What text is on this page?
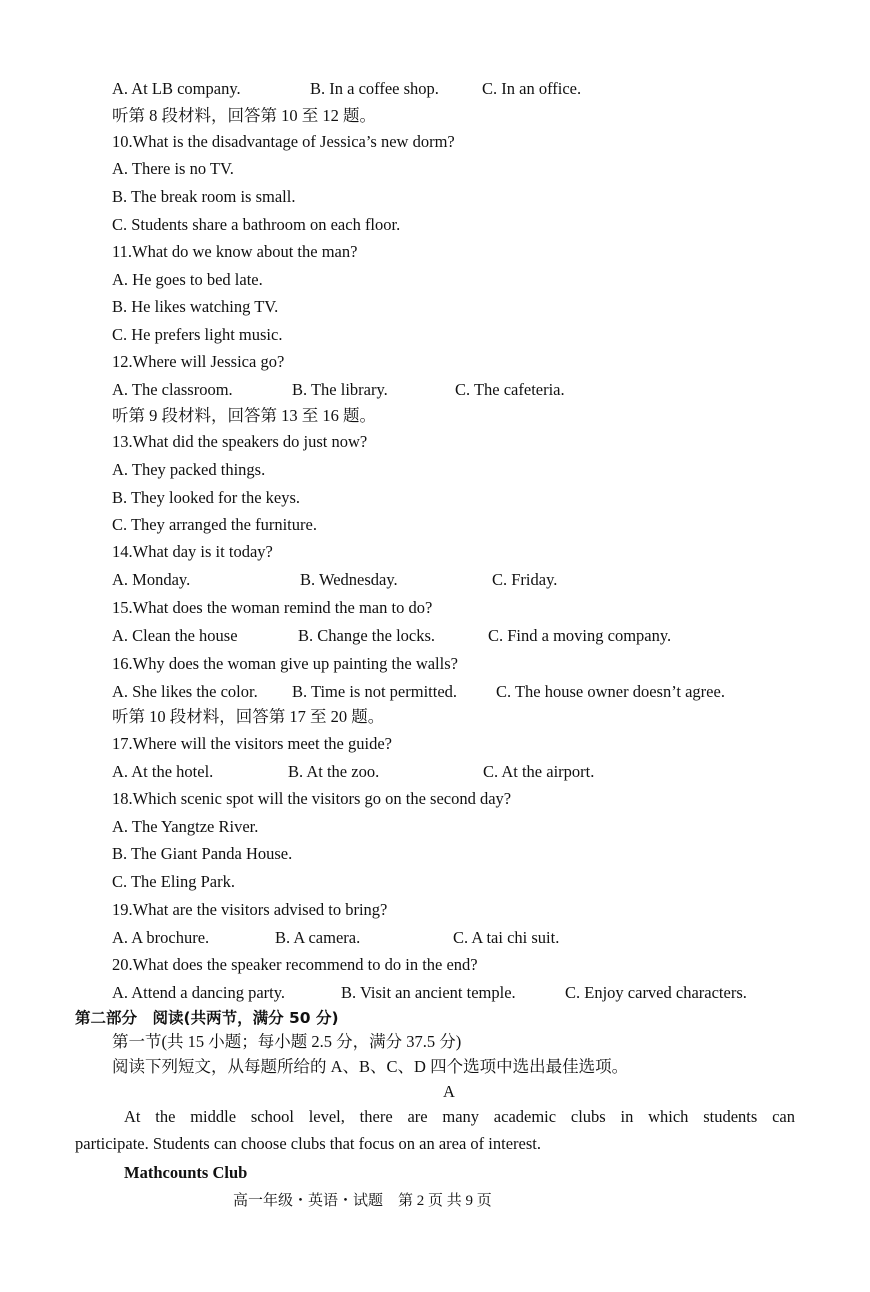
A. At LB company.	B. In a coffee shop.	C. In an office.
听第 8 段材料，回答第 10 至 12 题。
10.What is the disadvantage of Jessica’s new dorm?
A. There is no TV.
B. The break room is small.
C. Students share a bathroom on each floor.
11.What do we know about the man?
A. He goes to bed late.
B. He likes watching TV.
C. He prefers light music.
12.Where will Jessica go?
A. The classroom.	B. The library.	C. The cafeteria.
听第 9 段材料，回答第 13 至 16 题。
13.What did the speakers do just now?
A. They packed things.
B. They looked for the keys.
C. They arranged the furniture.
14.What day is it today?
A. Monday.	B. Wednesday.	C. Friday.
15.What does the woman remind the man to do?
A. Clean the house	B. Change the locks.	C. Find a moving company.
16.Why does the woman give up painting the walls?
A. She likes the color. B. Time is not permitted. C. The house owner doesn’t agree.
听第 10 段材料，回答第 17 至 20 题。
17.Where will the visitors meet the guide?
A. At the hotel.	B. At the zoo.	C. At the airport.
18.Which scenic spot will the visitors go on the second day?
A. The Yangtze River.
B. The Giant Panda House.
C. The Eling Park.
19.What are the visitors advised to bring?
A. A brochure.	B. A camera.	C. A tai chi suit.
20.What does the speaker recommend to do in the end?
A. Attend a dancing party.	B. Visit an ancient temple.	C. Enjoy carved characters.
第二部分　阅读(共两节，满分 50 分)
第一节(共 15 小题；每小题 2.5 分，满分 37.5 分)
阅读下列短文，从每题所给的 A、B、C、D 四个选项中选出最佳选项。
A
At the middle school level, there are many academic clubs in which students can
participate. Students can choose clubs that focus on an area of interest.
Mathcounts Club
高一年级・英语・试题　第 2 页 共 9 页
